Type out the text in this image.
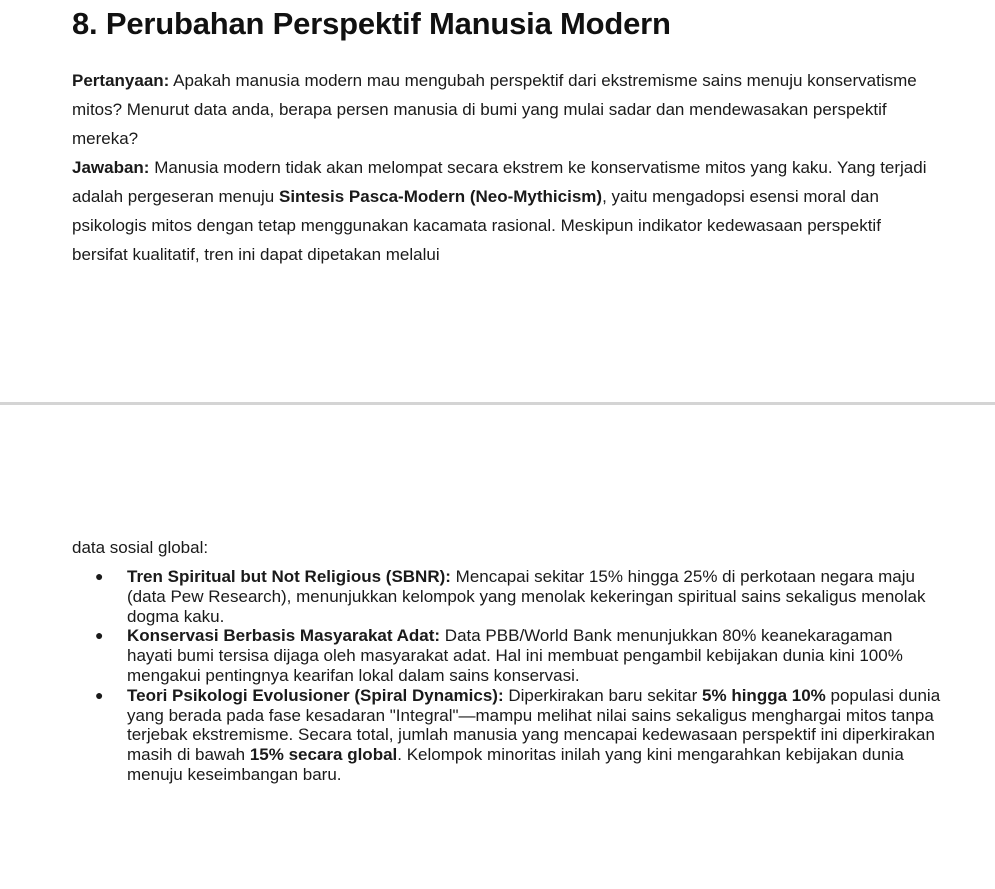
8. Perubahan Perspektif Manusia Modern

Pertanyaan: Apakah manusia modern mau mengubah perspektif dari ekstremisme sains menuju konservatisme mitos? Menurut data anda, berapa persen manusia di bumi yang mulai sadar dan mendewasakan perspektif mereka?

Jawaban: Manusia modern tidak akan melompat secara ekstrem ke konservatisme mitos yang kaku. Yang terjadi adalah pergeseran menuju Sintesis Pasca-Modern (Neo-Mythicism), yaitu mengadopsi esensi moral dan psikologis mitos dengan tetap menggunakan kacamata rasional. Meskipun indikator kedewasaan perspektif bersifat kualitatif, tren ini dapat dipetakan melalui

data sosial global:

● Tren Spiritual but Not Religious (SBNR): Mencapai sekitar 15% hingga 25% di perkotaan negara maju (data Pew Research), menunjukkan kelompok yang menolak kekeringan spiritual sains sekaligus menolak dogma kaku.
● Konservasi Berbasis Masyarakat Adat: Data PBB/World Bank menunjukkan 80% keanekaragaman hayati bumi tersisa dijaga oleh masyarakat adat. Hal ini membuat pengambil kebijakan dunia kini 100% mengakui pentingnya kearifan lokal dalam sains konservasi.
● Teori Psikologi Evolusioner (Spiral Dynamics): Diperkirakan baru sekitar 5% hingga 10% populasi dunia yang berada pada fase kesadaran "Integral"—mampu melihat nilai sains sekaligus menghargai mitos tanpa terjebak ekstremisme. Secara total, jumlah manusia yang mencapai kedewasaan perspektif ini diperkirakan masih di bawah 15% secara global. Kelompok minoritas inilah yang kini mengarahkan kebijakan dunia menuju keseimbangan baru.
